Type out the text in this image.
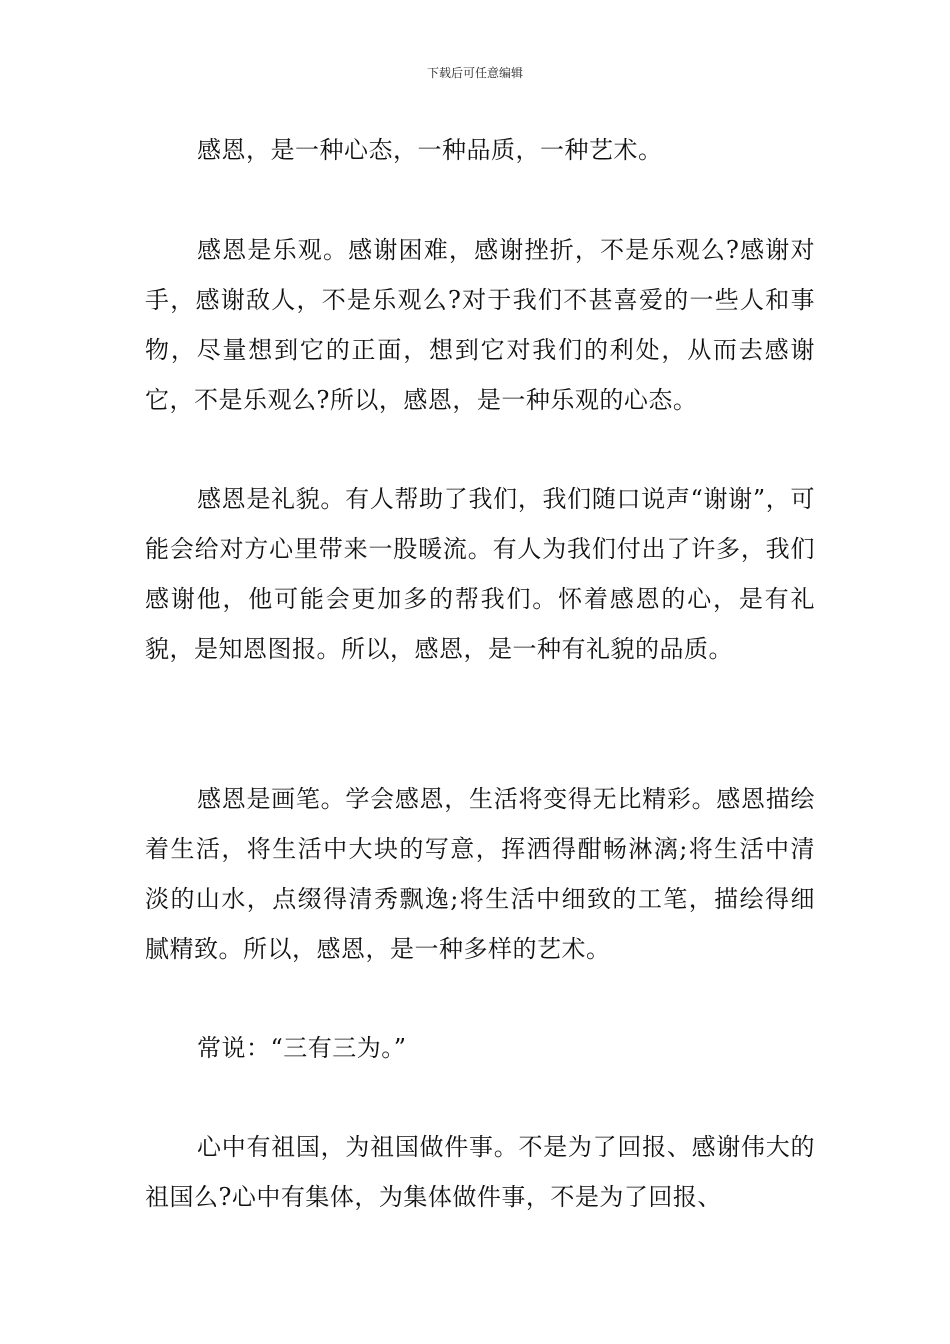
下载后可任意编辑

感恩，是一种心态，一种品质，一种艺术。

感恩是乐观。感谢困难，感谢挫折，不是乐观么?感谢对手，感谢敌人，不是乐观么?对于我们不甚喜爱的一些人和事物，尽量想到它的正面，想到它对我们的利处，从而去感谢它，不是乐观么?所以，感恩，是一种乐观的心态。

感恩是礼貌。有人帮助了我们，我们随口说声“谢谢”，可能会给对方心里带来一股暖流。有人为我们付出了许多，我们感谢他，他可能会更加多的帮我们。怀着感恩的心，是有礼貌，是知恩图报。所以，感恩，是一种有礼貌的品质。

感恩是画笔。学会感恩，生活将变得无比精彩。感恩描绘着生活，将生活中大块的写意，挥洒得酣畅淋漓;将生活中清淡的山水，点缀得清秀飘逸;将生活中细致的工笔，描绘得细腻精致。所以，感恩，是一种多样的艺术。

常说：“三有三为。”

心中有祖国，为祖国做件事。不是为了回报、感谢伟大的祖国么?心中有集体，为集体做件事，不是为了回报、
